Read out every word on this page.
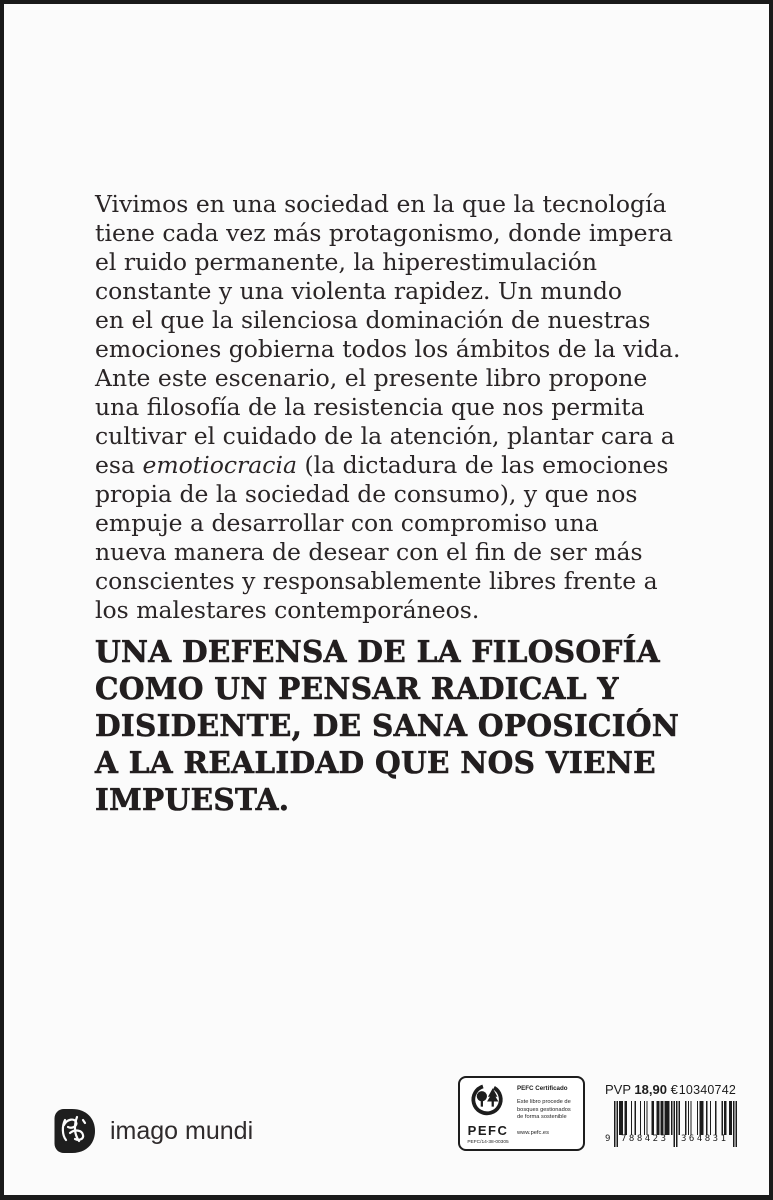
Vivimos en una sociedad en la que la tecnología
tiene cada vez más protagonismo, donde impera
el ruido permanente, la hiperestimulación
constante y una violenta rapidez. Un mundo
en el que la silenciosa dominación de nuestras
emociones gobierna todos los ámbitos de la vida.
Ante este escenario, el presente libro propone
una filosofía de la resistencia que nos permita
cultivar el cuidado de la atención, plantar cara a
esa emotiocracia (la dictadura de las emociones
propia de la sociedad de consumo), y que nos
empuje a desarrollar con compromiso una
nueva manera de desear con el fin de ser más
conscientes y responsablemente libres frente a
los malestares contemporáneos.
UNA DEFENSA DE LA FILOSOFÍA
COMO UN PENSAR RADICAL Y
DISIDENTE, DE SANA OPOSICIÓN
A LA REALIDAD QUE NOS VIENE
IMPUESTA.
imago mundi	PEFC
PEFC/14-38-00305
PEFC Certificado
Este libro procede de
bosques gestionados
de forma sostenible
www.pefc.es
PVP 18,90 € 10340742
9 788423 364831
